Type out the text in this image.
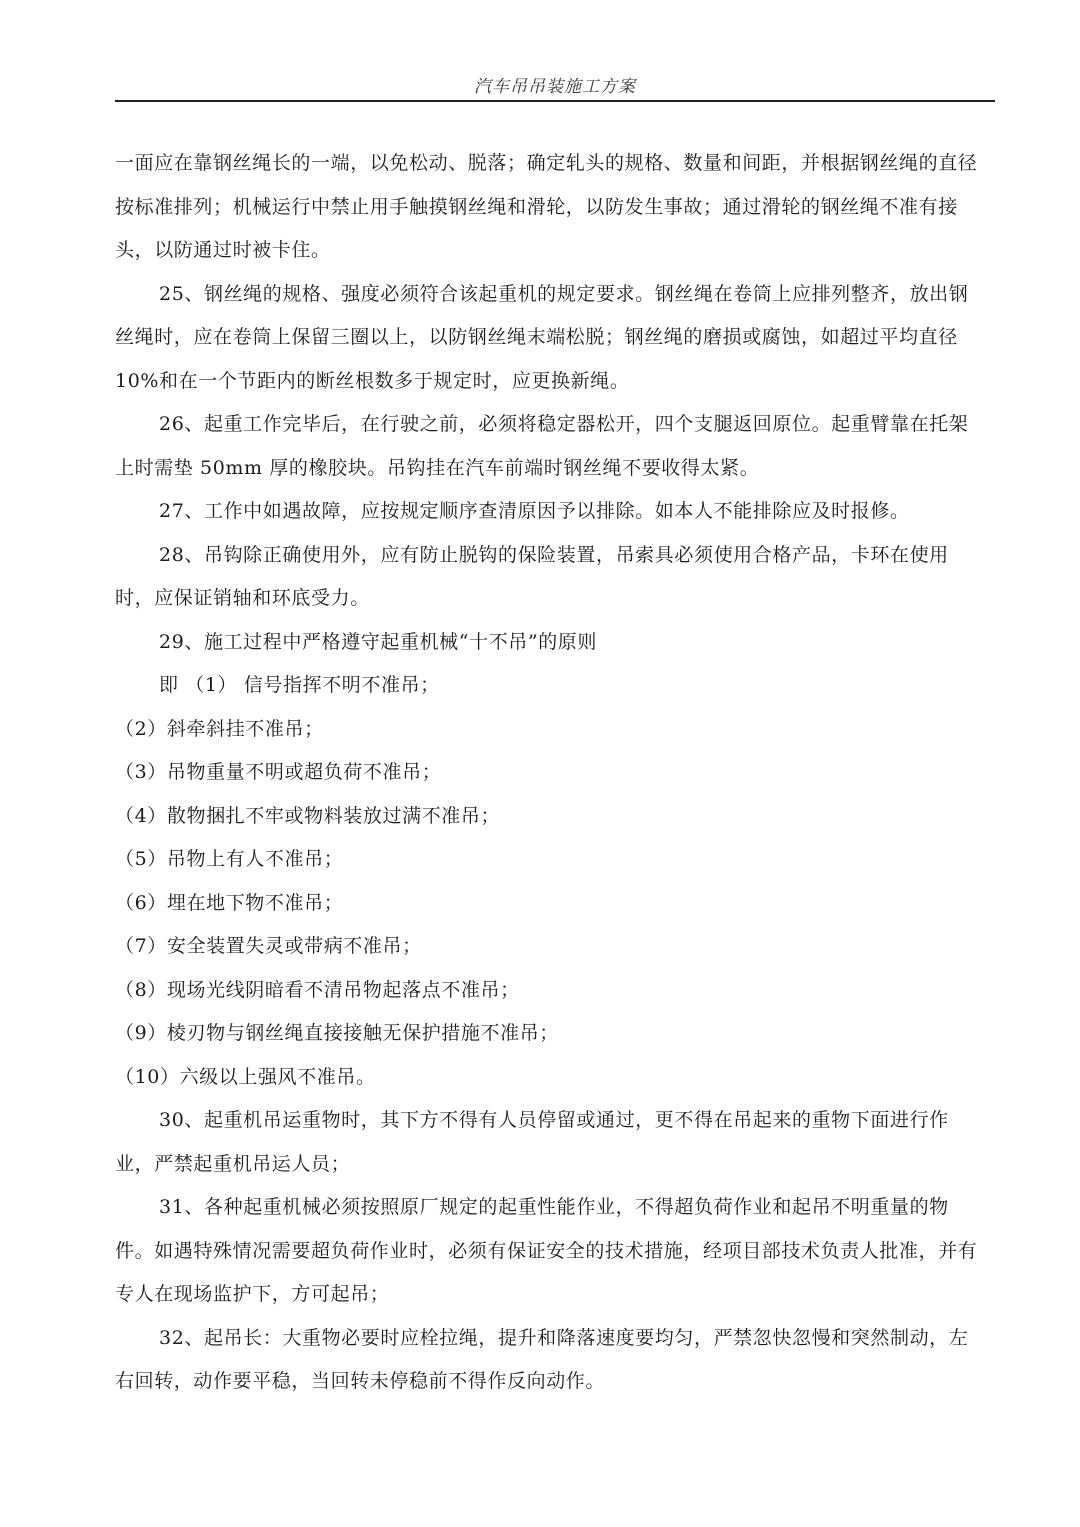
汽车吊吊装施工方案

一面应在靠钢丝绳长的一端，以免松动、脱落；确定轧头的规格、数量和间距，并根据钢丝绳的直径按标准排列；机械运行中禁止用手触摸钢丝绳和滑轮，以防发生事故；通过滑轮的钢丝绳不准有接头，以防通过时被卡住。

25、钢丝绳的规格、强度必须符合该起重机的规定要求。钢丝绳在卷筒上应排列整齐，放出钢丝绳时，应在卷筒上保留三圈以上，以防钢丝绳末端松脱；钢丝绳的磨损或腐蚀，如超过平均直径 10%和在一个节距内的断丝根数多于规定时，应更换新绳。

26、起重工作完毕后，在行驶之前，必须将稳定器松开，四个支腿返回原位。起重臂靠在托架上时需垫 50mm 厚的橡胶块。吊钩挂在汽车前端时钢丝绳不要收得太紧。

27、工作中如遇故障，应按规定顺序查清原因予以排除。如本人不能排除应及时报修。

28、吊钩除正确使用外，应有防止脱钩的保险装置，吊索具必须使用合格产品，卡环在使用时，应保证销轴和环底受力。

29、施工过程中严格遵守起重机械“十不吊”的原则

即 （1） 信号指挥不明不准吊；

（2）斜牵斜挂不准吊；

（3）吊物重量不明或超负荷不准吊；

（4）散物捆扎不牢或物料装放过满不准吊；

（5）吊物上有人不准吊；

（6）埋在地下物不准吊；

（7）安全装置失灵或带病不准吊；

（8）现场光线阴暗看不清吊物起落点不准吊；

（9）棱刃物与钢丝绳直接接触无保护措施不准吊；

（10）六级以上强风不准吊。

30、起重机吊运重物时，其下方不得有人员停留或通过，更不得在吊起来的重物下面进行作业，严禁起重机吊运人员；

31、各种起重机械必须按照原厂规定的起重性能作业，不得超负荷作业和起吊不明重量的物件。如遇特殊情况需要超负荷作业时，必须有保证安全的技术措施，经项目部技术负责人批准，并有专人在现场监护下，方可起吊；

32、起吊长：大重物必要时应栓拉绳，提升和降落速度要均匀，严禁忽快忽慢和突然制动，左右回转，动作要平稳，当回转未停稳前不得作反向动作。
